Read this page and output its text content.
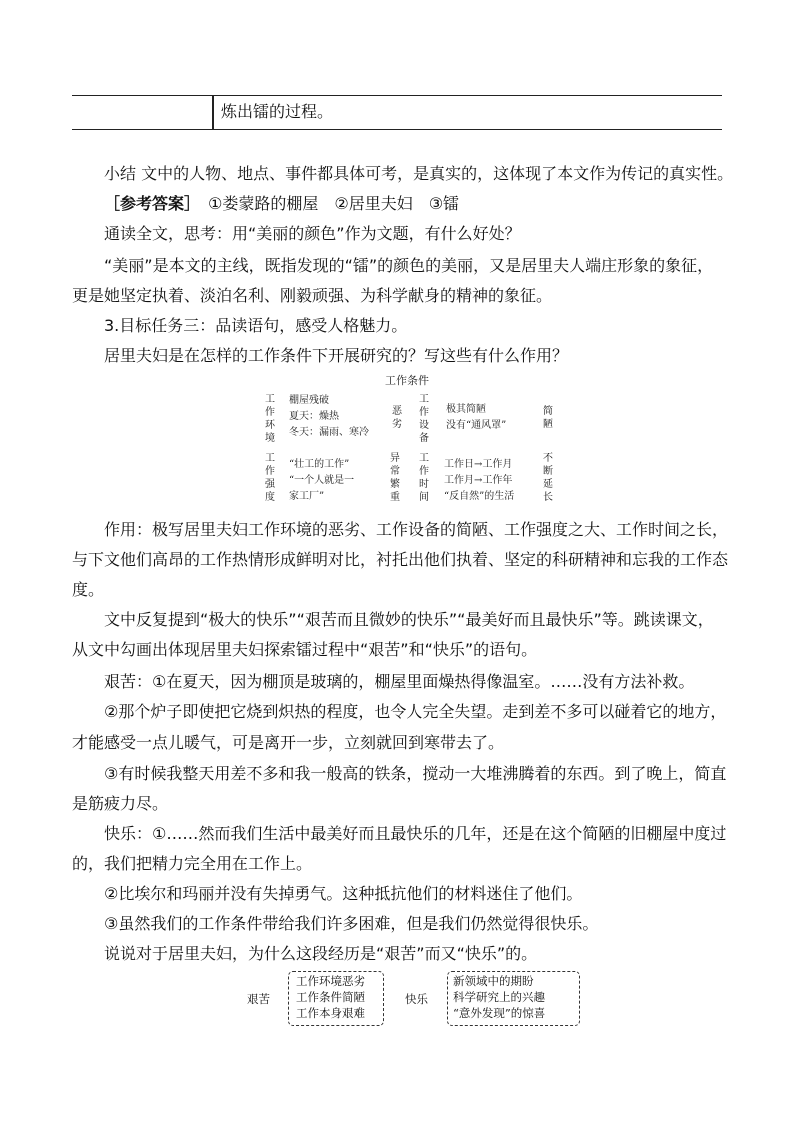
炼出镭的过程。
小结 文中的人物、地点、事件都具体可考，是真实的，这体现了本文作为传记的真实性。
［参考答案］ ①娄蒙路的棚屋　②居里夫妇　③镭
通读全文，思考：用“美丽的颜色”作为文题，有什么好处？
“美丽”是本文的主线，既指发现的“镭”的颜色的美丽，又是居里夫人端庄形象的象征，
更是她坚定执着、淡泊名利、刚毅顽强、为科学献身的精神的象征。
3.目标任务三：品读语句，感受人格魅力。
居里夫妇是在怎样的工作条件下开展研究的？写这些有什么作用？
工作条件
工作环境
棚屋残破
夏天：燥热
冬天：漏雨、寒冷
恶劣
工作设备
极其简陋
没有“通风罩”
简陋
工作强度
“壮工的工作”
“一个人就是一
家工厂”
异常繁重
工作时间
工作日→工作月
工作月→工作年
“反自然”的生活
不断延长
作用：极写居里夫妇工作环境的恶劣、工作设备的简陋、工作强度之大、工作时间之长，
与下文他们高昂的工作热情形成鲜明对比，衬托出他们执着、坚定的科研精神和忘我的工作态
度。
文中反复提到“极大的快乐”“艰苦而且微妙的快乐”“最美好而且最快乐”等。跳读课文，
从文中勾画出体现居里夫妇探索镭过程中“艰苦”和“快乐”的语句。
艰苦：①在夏天，因为棚顶是玻璃的，棚屋里面燥热得像温室。……没有方法补救。
②那个炉子即使把它烧到炽热的程度，也令人完全失望。走到差不多可以碰着它的地方，
才能感受一点儿暖气，可是离开一步，立刻就回到寒带去了。
③有时候我整天用差不多和我一般高的铁条，搅动一大堆沸腾着的东西。到了晚上，简直
是筋疲力尽。
快乐：①……然而我们生活中最美好而且最快乐的几年，还是在这个简陋的旧棚屋中度过
的，我们把精力完全用在工作上。
②比埃尔和玛丽并没有失掉勇气。这种抵抗他们的材料迷住了他们。
③虽然我们的工作条件带给我们许多困难，但是我们仍然觉得很快乐。
说说对于居里夫妇，为什么这段经历是“艰苦”而又“快乐”的。
艰苦
工作环境恶劣
工作条件简陋
工作本身艰难
快乐
新领域中的期盼
科学研究上的兴趣
“意外发现”的惊喜
